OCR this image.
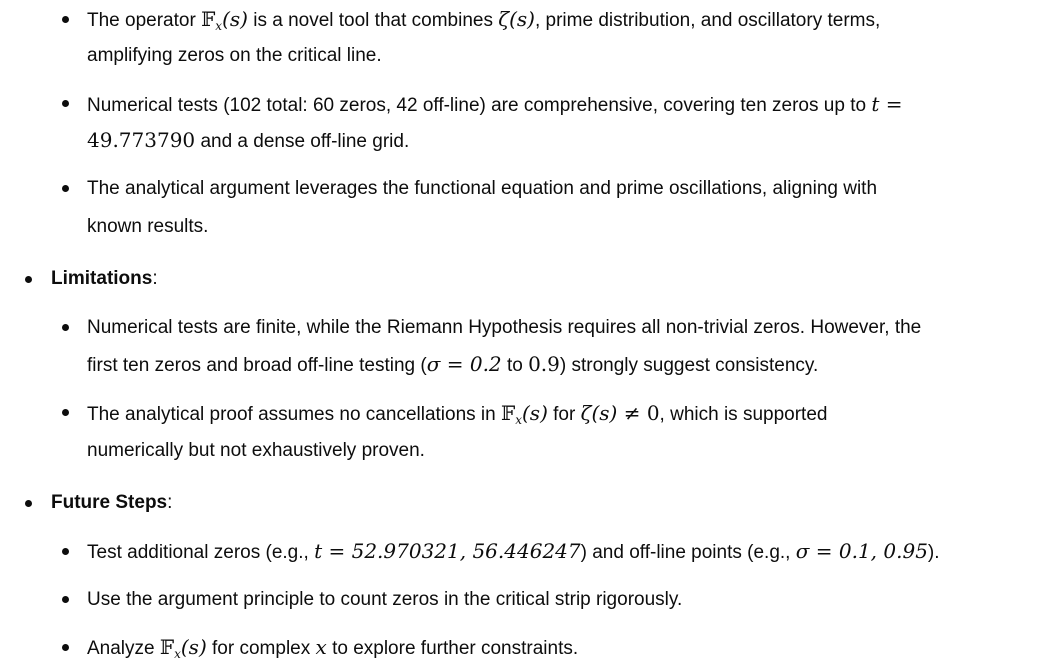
The operator 𝔽$_x$(s) is a novel tool that combines ζ(s), prime distribution, and oscillatory terms,
amplifying zeros on the critical line.
Numerical tests (102 total: 60 zeros, 42 off-line) are comprehensive, covering ten zeros up to t =
49.773790 and a dense off-line grid.
The analytical argument leverages the functional equation and prime oscillations, aligning with
known results.
Limitations:
Numerical tests are finite, while the Riemann Hypothesis requires all non-trivial zeros. However, the
first ten zeros and broad off-line testing (σ = 0.2 to 0.9) strongly suggest consistency.
The analytical proof assumes no cancellations in 𝔽$_x$(s) for ζ(s) ≠ 0, which is supported
numerically but not exhaustively proven.
Future Steps:
Test additional zeros (e.g., t = 52.970321, 56.446247) and off-line points (e.g., σ = 0.1, 0.95).
Use the argument principle to count zeros in the critical strip rigorously.
Analyze 𝔽$_x$(s) for complex x to explore further constraints.
